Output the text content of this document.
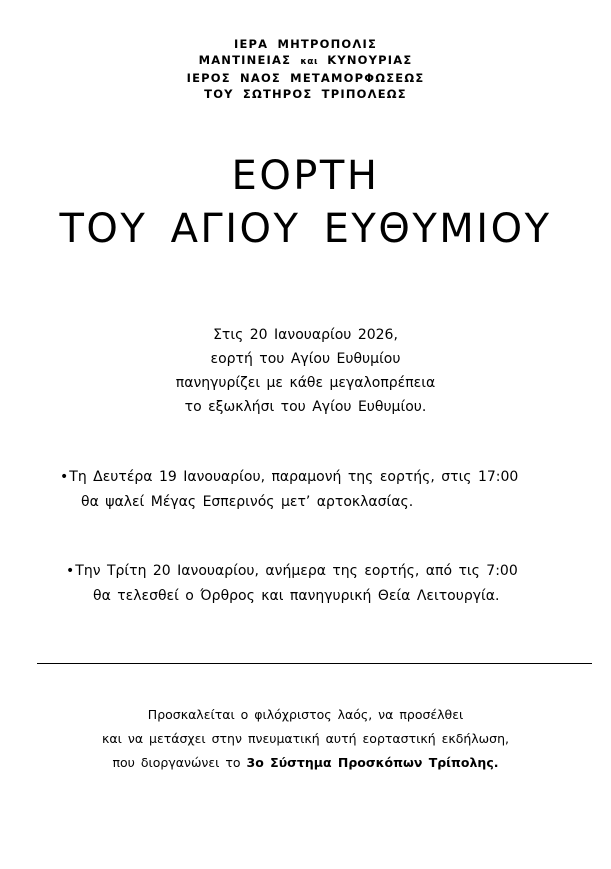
ΙΕΡΑ ΜΗΤΡΟΠΟΛΙΣ
ΜΑΝΤΙΝΕΙΑΣ και ΚΥΝΟΥΡΙΑΣ
ΙΕΡΟΣ ΝΑΟΣ ΜΕΤΑΜΟΡΦΩΣΕΩΣ
ΤΟΥ ΣΩΤΗΡΟΣ ΤΡΙΠΟΛΕΩΣ
ΕΟΡΤΗ
ΤΟΥ ΑΓΙΟΥ ΕΥΘΥΜΙΟΥ
Στις 20 Ιανουαρίου 2026,
εορτή του Αγίου Ευθυμίου
πανηγυρίζει με κάθε μεγαλοπρέπεια
το εξωκλήσι του Αγίου Ευθυμίου.
•Τη Δευτέρα 19 Ιανουαρίου, παραμονή της εορτής, στις 17:00
θα ψαλεί Μέγας Εσπερινός μετ’ αρτοκλασίας.
•Την Τρίτη 20 Ιανουαρίου, ανήμερα της εορτής, από τις 7:00
θα τελεσθεί ο Όρθρος και πανηγυρική Θεία Λειτουργία.
Προσκαλείται ο φιλόχριστος λαός, να προσέλθει
και να μετάσχει στην πνευματική αυτή εορταστική εκδήλωση,
που διοργανώνει το 3ο Σύστημα Προσκόπων Τρίπολης.
